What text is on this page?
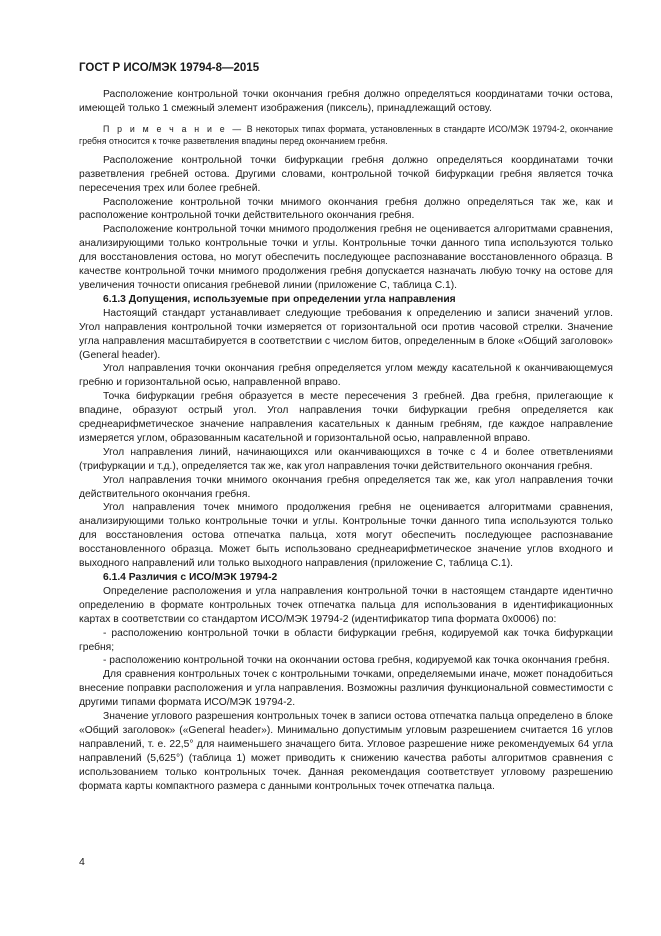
ГОСТ Р ИСО/МЭК 19794-8—2015

Расположение контрольной точки окончания гребня должно определяться координатами точки остова, имеющей только 1 смежный элемент изображения (пиксель), принадлежащий остову.

П р и м е ч а н и е — В некоторых типах формата, установленных в стандарте ИСО/МЭК 19794-2, окончание гребня относится к точке разветвления впадины перед окончанием гребня.

Расположение контрольной точки бифуркации гребня должно определяться координатами точки разветвления гребней остова. Другими словами, контрольной точкой бифуркации гребня является точка пересечения трех или более гребней.

Расположение контрольной точки мнимого окончания гребня должно определяться так же, как и расположение контрольной точки действительного окончания гребня.

Расположение контрольной точки мнимого продолжения гребня не оценивается алгоритмами сравнения, анализирующими только контрольные точки и углы. Контрольные точки данного типа используются только для восстановления остова, но могут обеспечить последующее распознавание восстановленного образца. В качестве контрольной точки мнимого продолжения гребня допускается назначать любую точку на остове для увеличения точности описания гребневой линии (приложение С, таблица С.1).

6.1.3 Допущения, используемые при определении угла направления

Настоящий стандарт устанавливает следующие требования к определению и записи значений углов. Угол направления контрольной точки измеряется от горизонтальной оси против часовой стрелки. Значение угла направления масштабируется в соответствии с числом битов, определенным в блоке «Общий заголовок» (General header).

Угол направления точки окончания гребня определяется углом между касательной к оканчивающемуся гребню и горизонтальной осью, направленной вправо.

Точка бифуркации гребня образуется в месте пересечения 3 гребней. Два гребня, прилегающие к впадине, образуют острый угол. Угол направления точки бифуркации гребня определяется как среднеарифметическое значение направления касательных к данным гребням, где каждое направление измеряется углом, образованным касательной и горизонтальной осью, направленной вправо.

Угол направления линий, начинающихся или оканчивающихся в точке с 4 и более ответвлениями (трифуркации и т.д.), определяется так же, как угол направления точки действительного окончания гребня.

Угол направления точки мнимого окончания гребня определяется так же, как угол направления точки действительного окончания гребня.

Угол направления точек мнимого продолжения гребня не оценивается алгоритмами сравнения, анализирующими только контрольные точки и углы. Контрольные точки данного типа используются только для восстановления остова отпечатка пальца, хотя могут обеспечить последующее распознавание восстановленного образца. Может быть использовано среднеарифметическое значение углов входного и выходного направлений или только выходного направления (приложение С, таблица С.1).

6.1.4 Различия с ИСО/МЭК 19794-2

Определение расположения и угла направления контрольной точки в настоящем стандарте идентично определению в формате контрольных точек отпечатка пальца для использования в идентификационных картах в соответствии со стандартом ИСО/МЭК 19794-2 (идентификатор типа формата 0х0006) по:

- расположению контрольной точки в области бифуркации гребня, кодируемой как точка бифуркации гребня;

- расположению контрольной точки на окончании остова гребня, кодируемой как точка окончания гребня.

Для сравнения контрольных точек с контрольными точками, определяемыми иначе, может понадобиться внесение поправки расположения и угла направления. Возможны различия функциональной совместимости с другими типами формата ИСО/МЭК 19794-2.

Значение углового разрешения контрольных точек в записи остова отпечатка пальца определено в блоке «Общий заголовок» («General header»). Минимально допустимым угловым разрешением считается 16 углов направлений, т. е. 22,5° для наименьшего значащего бита. Угловое разрешение ниже рекомендуемых 64 угла направлений (5,625°) (таблица 1) может приводить к снижению качества работы алгоритмов сравнения с использованием только контрольных точек. Данная рекомендация соответствует угловому разрешению формата карты компактного размера с данными контрольных точек отпечатка пальца.

4
